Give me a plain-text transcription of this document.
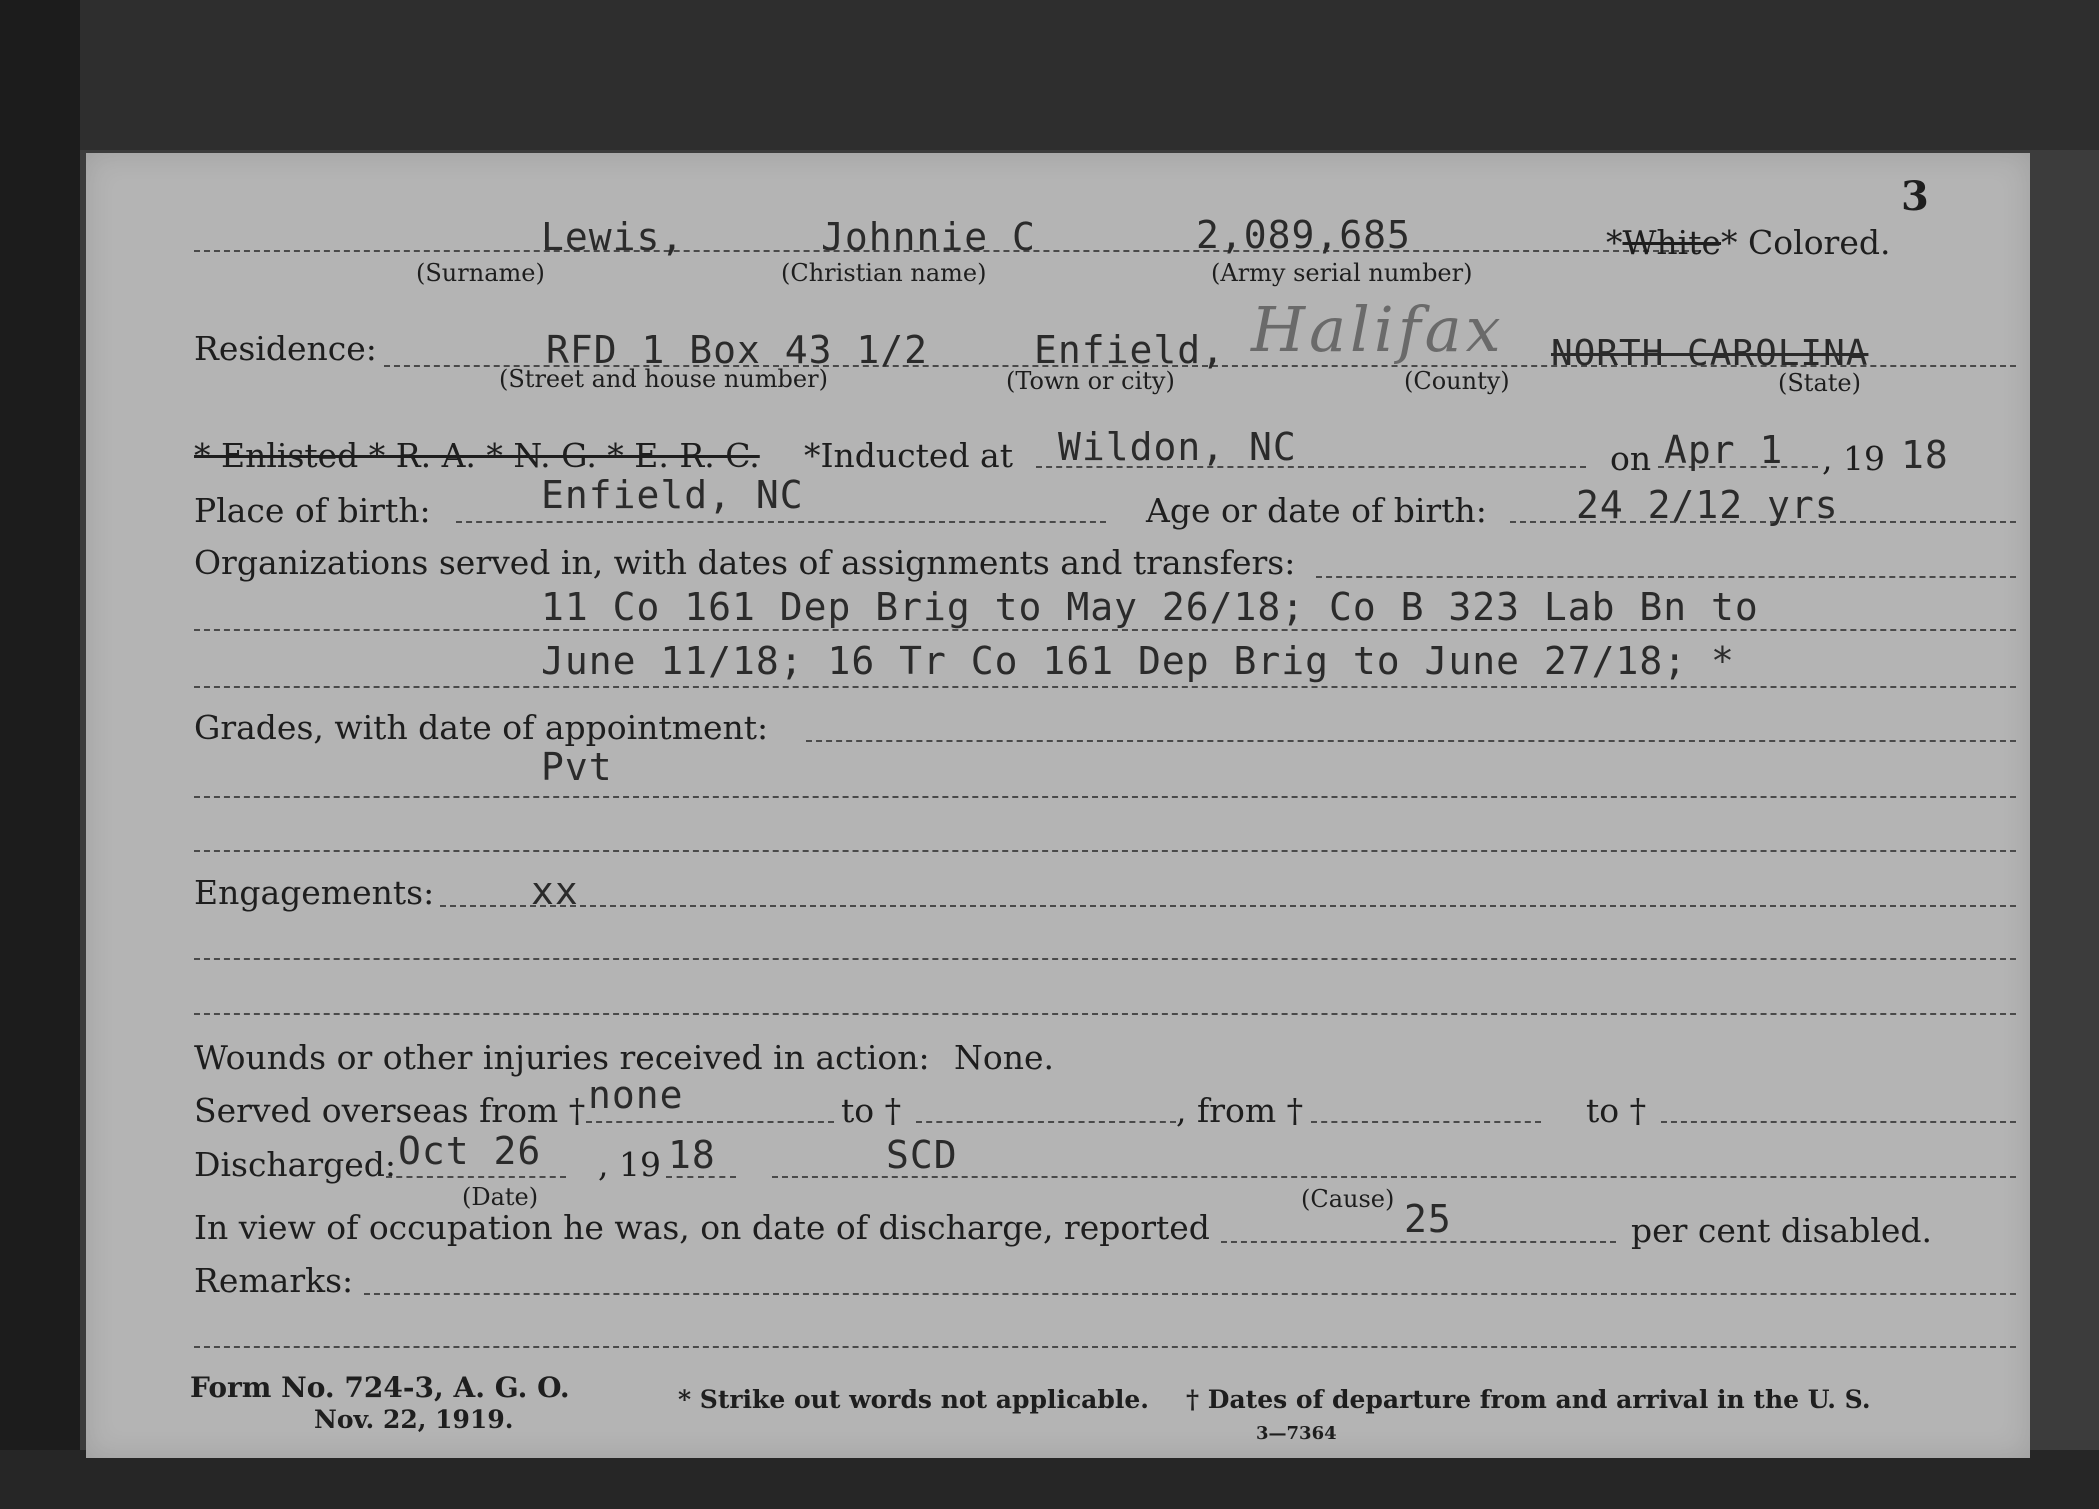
3
Lewis,	Johnnie C	2,089,685	*White* Colored.
(Surname)	(Christian name)	(Army serial number)
Residence:	RFD 1 Box 43 1/2	Enfield, Halifax NORTH CAROLINA
(Street and house number)	(Town or city)	(County)	(State)
* Enlisted * R. A. * N. G. * E. R. C. *Inducted at Wildon, NC	on Apr 1 , 19 18
Place of birth:	Enfield, NC	Age or date of birth: 24 2/12 yrs
Organizations served in, with dates of assignments and transfers:
11 Co 161 Dep Brig to May 26/18; Co B 323 Lab Bn to
June 11/18; 16 Tr Co 161 Dep Brig to June 27/18; *
Grades, with date of appointment:
Pvt
Engagements:	xx
Wounds or other injuries received in action: None.
Served overseas from † none	to †	, from †	to †
Discharged: Oct 26 , 19 18	SCD
(Date)	(Cause)
In view of occupation he was, on date of discharge, reported	25	per cent disabled.
Remarks:
Form No. 724-3, A. G. O.
Nov. 22, 1919.
* Strike out words not applicable. † Dates of departure from and arrival in the U. S.
3—7364
